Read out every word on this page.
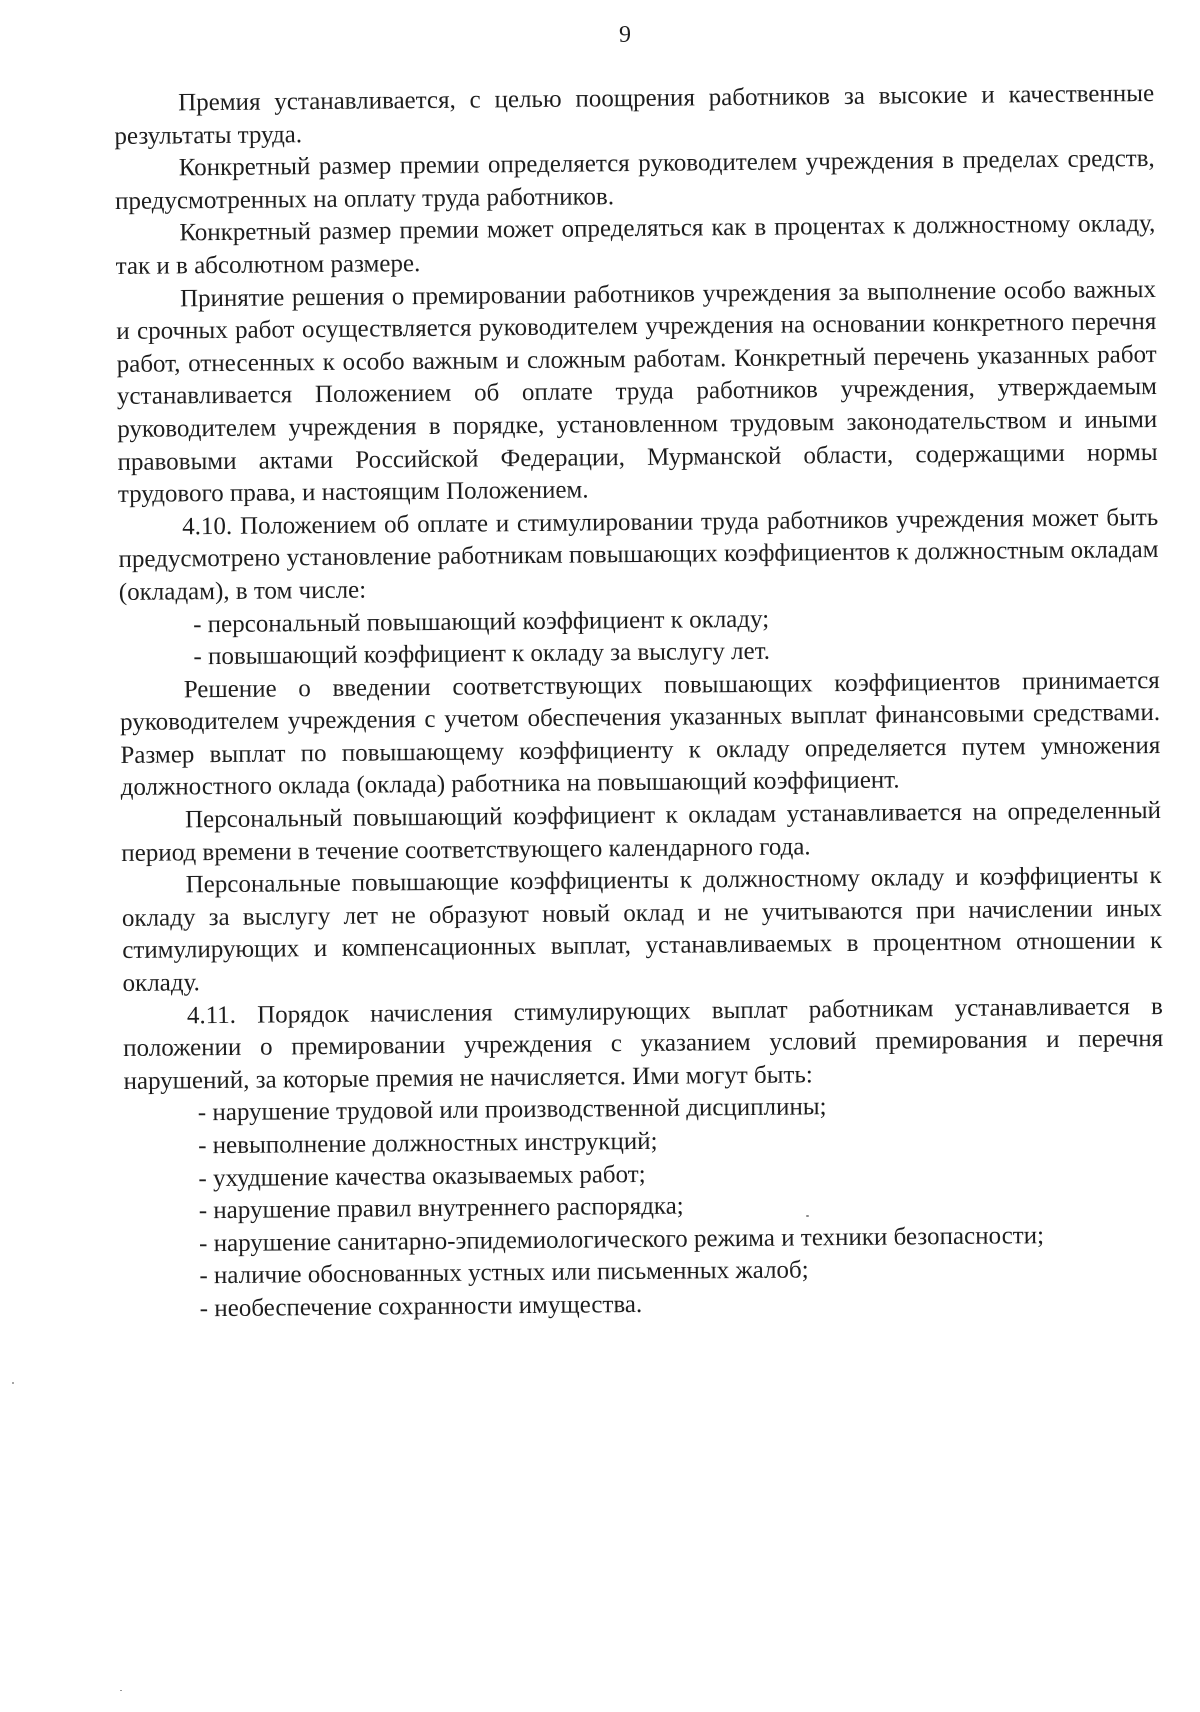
9

Премия устанавливается, с целью поощрения работников за высокие и качественные результаты труда.

Конкретный размер премии определяется руководителем учреждения в пределах средств, предусмотренных на оплату труда работников.

Конкретный размер премии может определяться как в процентах к должностному окладу, так и в абсолютном размере.

Принятие решения о премировании работников учреждения за выполнение особо важных и срочных работ осуществляется руководителем учреждения на основании конкретного перечня работ, отнесенных к особо важным и сложным работам. Конкретный перечень указанных работ устанавливается Положением об оплате труда работников учреждения, утверждаемым руководителем учреждения в порядке, установленном трудовым законодательством и иными правовыми актами Российской Федерации, Мурманской области, содержащими нормы трудового права, и настоящим Положением.

4.10. Положением об оплате и стимулировании труда работников учреждения может быть предусмотрено установление работникам повышающих коэффициентов к должностным окладам (окладам), в том числе:

- персональный повышающий коэффициент к окладу;

- повышающий коэффициент к окладу за выслугу лет.

Решение о введении соответствующих повышающих коэффициентов принимается руководителем учреждения с учетом обеспечения указанных выплат финансовыми средствами. Размер выплат по повышающему коэффициенту к окладу определяется путем умножения должностного оклада (оклада) работника на повышающий коэффициент.

Персональный повышающий коэффициент к окладам устанавливается на определенный период времени в течение соответствующего календарного года.

Персональные повышающие коэффициенты к должностному окладу и коэффициенты к окладу за выслугу лет не образуют новый оклад и не учитываются при начислении иных стимулирующих и компенсационных выплат, устанавливаемых в процентном отношении к окладу.

4.11. Порядок начисления стимулирующих выплат работникам устанавливается в положении о премировании учреждения с указанием условий премирования и перечня нарушений, за которые премия не начисляется. Ими могут быть:

- нарушение трудовой или производственной дисциплины;

- невыполнение должностных инструкций;

- ухудшение качества оказываемых работ;

- нарушение правил внутреннего распорядка;

- нарушение санитарно-эпидемиологического режима и техники безопасности;

- наличие обоснованных устных или письменных жалоб;

- необеспечение сохранности имущества.
